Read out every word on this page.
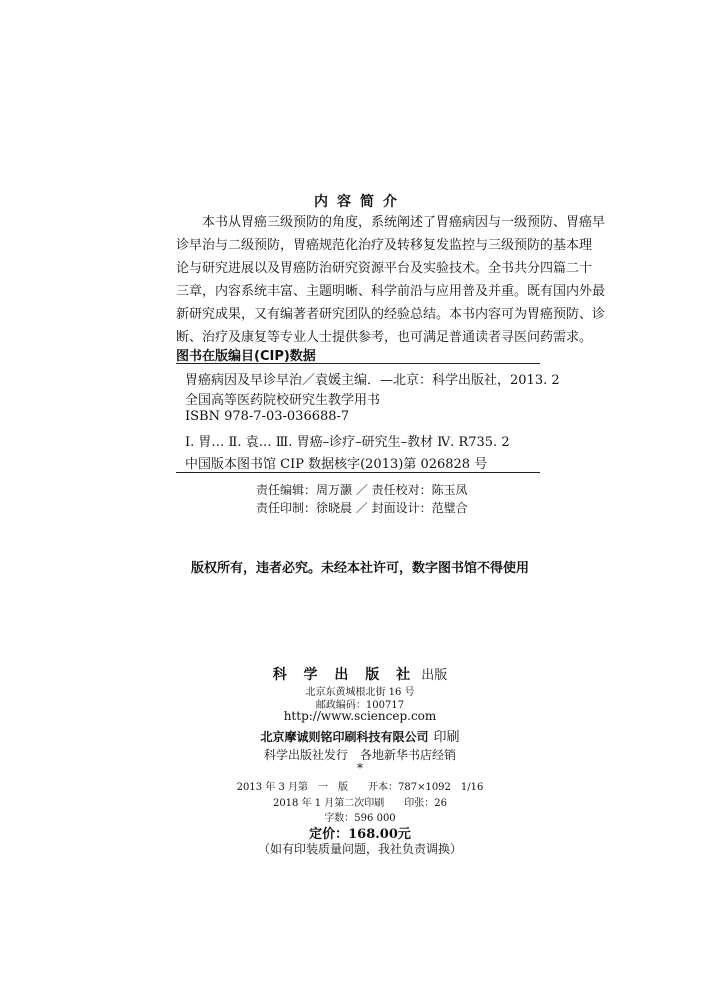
内容简介
　　本书从胃癌三级预防的角度，系统阐述了胃癌病因与一级预防、胃癌早
诊早治与二级预防，胃癌规范化治疗及转移复发监控与三级预防的基本理
论与研究进展以及胃癌防治研究资源平台及实验技术。全书共分四篇二十
三章，内容系统丰富、主题明晰、科学前沿与应用普及并重。既有国内外最
新研究成果，又有编著者研究团队的经验总结。本书内容可为胃癌预防、诊
断、治疗及康复等专业人士提供参考，也可满足普通读者寻医问药需求。
图书在版编目(CIP)数据
胃癌病因及早诊早治／袁媛主编．—北京：科学出版社，2013. 2
全国高等医药院校研究生教学用书
ISBN 978-7-03-036688-7
Ⅰ. 胃… Ⅱ. 袁… Ⅲ. 胃癌–诊疗–研究生–教材 Ⅳ. R735. 2
中国版本图书馆 CIP 数据核字(2013)第 026828 号
责任编辑：周万灏 ／ 责任校对：陈玉凤
责任印制：徐晓晨 ／ 封面设计：范璧合
版权所有，违者必究。未经本社许可，数字图书馆不得使用
科 学 出 版 社 出版
北京东黄城根北街 16 号
邮政编码：100717
http://www.sciencep.com
北京摩诚则铭印刷科技有限公司 印刷
科学出版社发行　各地新华书店经销
*
2013 年 3 月第　一　版　　开本：787×1092　1/16
2018 年 1 月第二次印刷　　印张：26
字数：596 000
定价：168.00元
（如有印装质量问题，我社负责调换）
